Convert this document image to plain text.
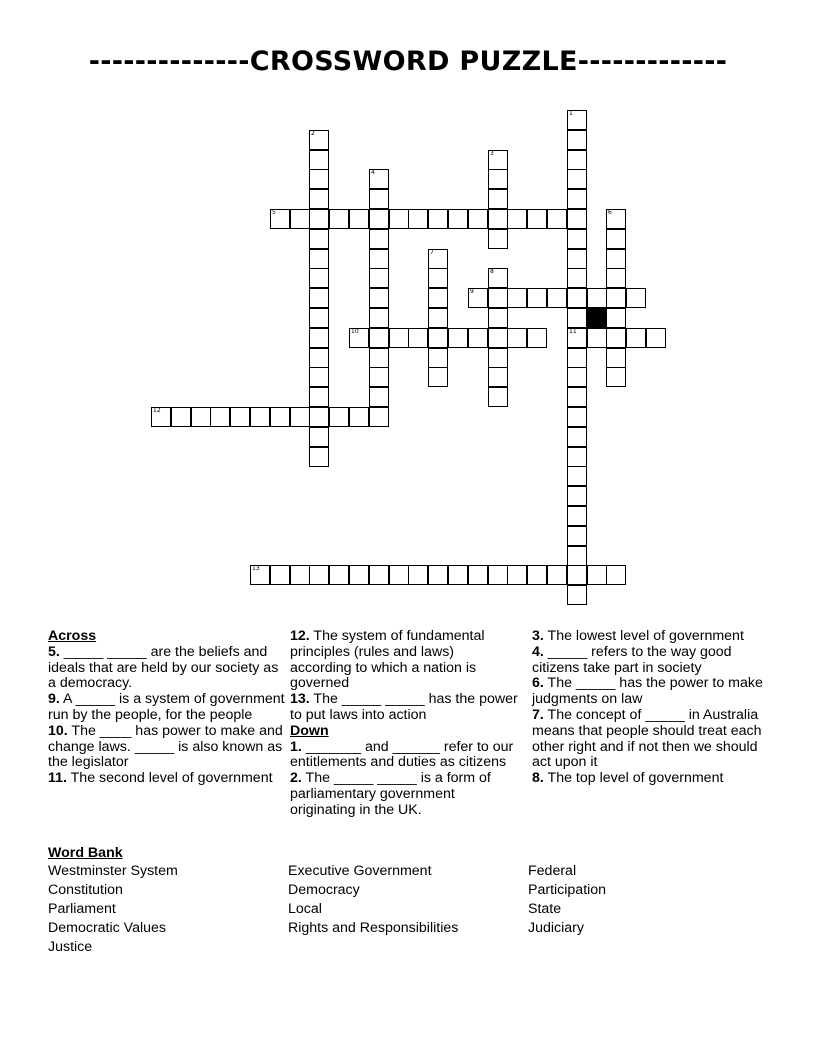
--------------CROSSWORD PUZZLE-------------
1
11
2
3
4
5	6
7
8
9
10
12
13

Across

5. _____ _____ are the beliefs and ideals that are held by our society as a democracy.

9. A _____ is a system of government run by the people, for the people

10. The ____ has power to make and change laws. _____ is also known as the legislator

11. The second level of government

12. The system of fundamental principles (rules and laws) according to which a nation is governed

13. The _____ _____ has the power to put laws into action

Down

1. _______ and ______ refer to our entitlements and duties as citizens

2. The _____ _____ is a form of parliamentary government originating in the UK.

3. The lowest level of government

4. _____ refers to the way good citizens take part in society

6. The _____ has the power to make judgments on law

7. The concept of _____ in Australia means that people should treat each other right and if not then we should act upon it

8. The top level of government

Word Bank
Westminster System
Constitution
Parliament
Democratic Values
Justice
Executive Government
Democracy
Local
Rights and Responsibilities
Federal
Participation
State
Judiciary
